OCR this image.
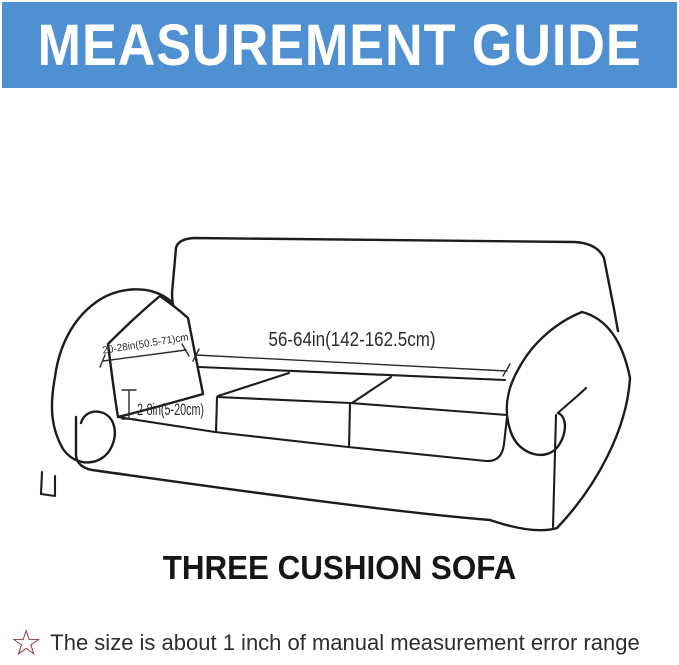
MEASUREMENT GUIDE
56-64in(142-162.5cm)
20-28in(50.5-71)cm
2-8in(5-20cm)
THREE CUSHION SOFA
☆ The size is about 1 inch of manual measurement error range
